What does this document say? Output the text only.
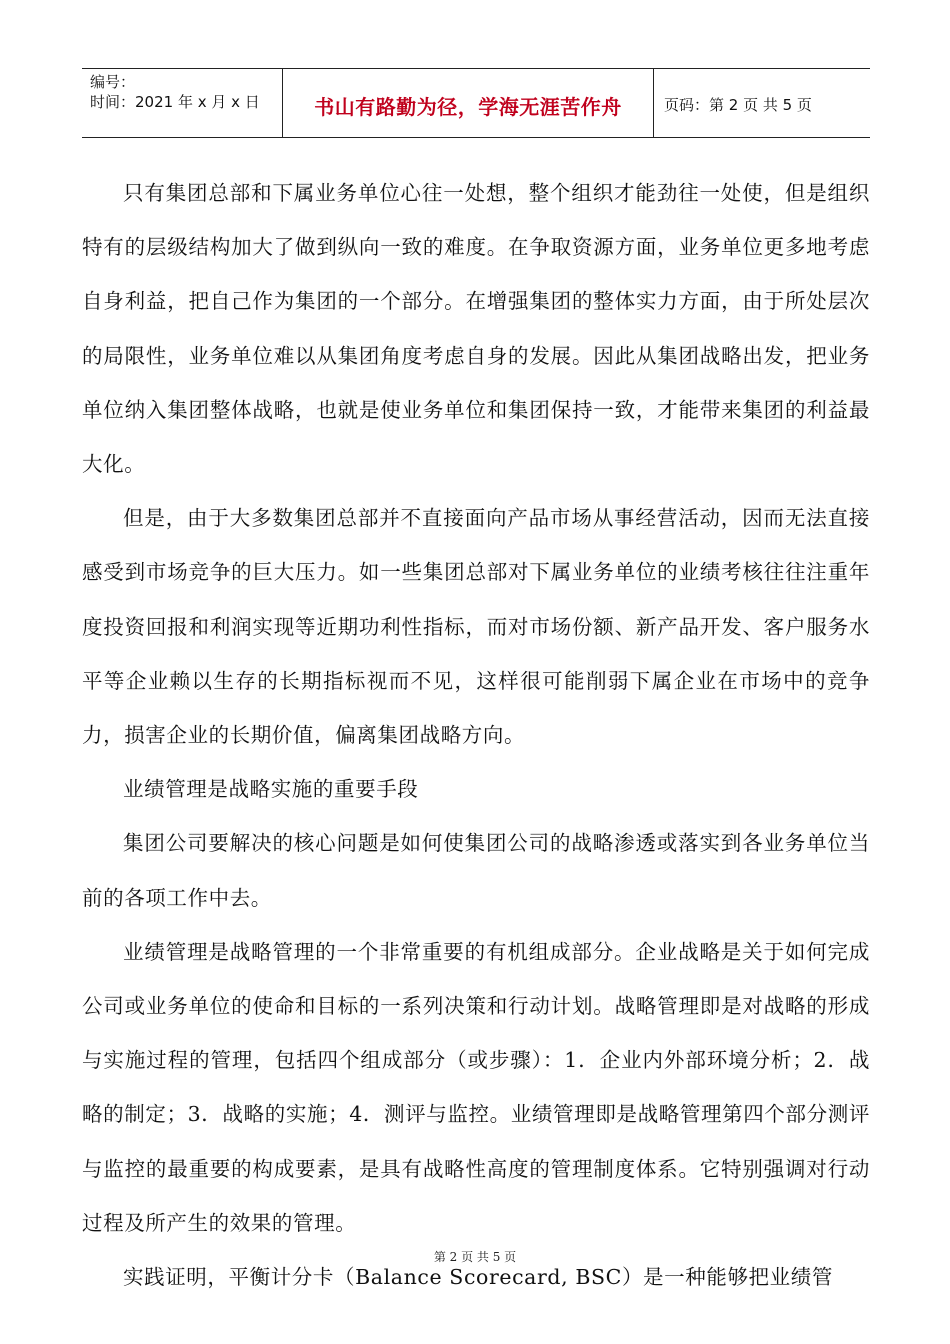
编号：
时间：2021 年 x 月 x 日	书山有路勤为径，学海无涯苦作舟	页码：第 2 页 共 5 页

只有集团总部和下属业务单位心往一处想，整个组织才能劲往一处使，但是组织特有的层级结构加大了做到纵向一致的难度。在争取资源方面，业务单位更多地考虑自身利益，把自己作为集团的一个部分。在增强集团的整体实力方面，由于所处层次的局限性，业务单位难以从集团角度考虑自身的发展。因此从集团战略出发，把业务单位纳入集团整体战略，也就是使业务单位和集团保持一致，才能带来集团的利益最大化。

但是，由于大多数集团总部并不直接面向产品市场从事经营活动，因而无法直接感受到市场竞争的巨大压力。如一些集团总部对下属业务单位的业绩考核往往注重年度投资回报和利润实现等近期功利性指标，而对市场份额、新产品开发、客户服务水平等企业赖以生存的长期指标视而不见，这样很可能削弱下属企业在市场中的竞争力，损害企业的长期价值，偏离集团战略方向。

业绩管理是战略实施的重要手段

集团公司要解决的核心问题是如何使集团公司的战略渗透或落实到各业务单位当前的各项工作中去。

业绩管理是战略管理的一个非常重要的有机组成部分。企业战略是关于如何完成公司或业务单位的使命和目标的一系列决策和行动计划。战略管理即是对战略的形成与实施过程的管理，包括四个组成部分（或步骤）：1．企业内外部环境分析；2．战略的制定；3．战略的实施；4．测评与监控。业绩管理即是战略管理第四个部分测评与监控的最重要的构成要素，是具有战略性高度的管理制度体系。它特别强调对行动过程及所产生的效果的管理。

实践证明，平衡计分卡（Balance Scorecard, BSC）是一种能够把业绩管

第 2 页 共 5 页
